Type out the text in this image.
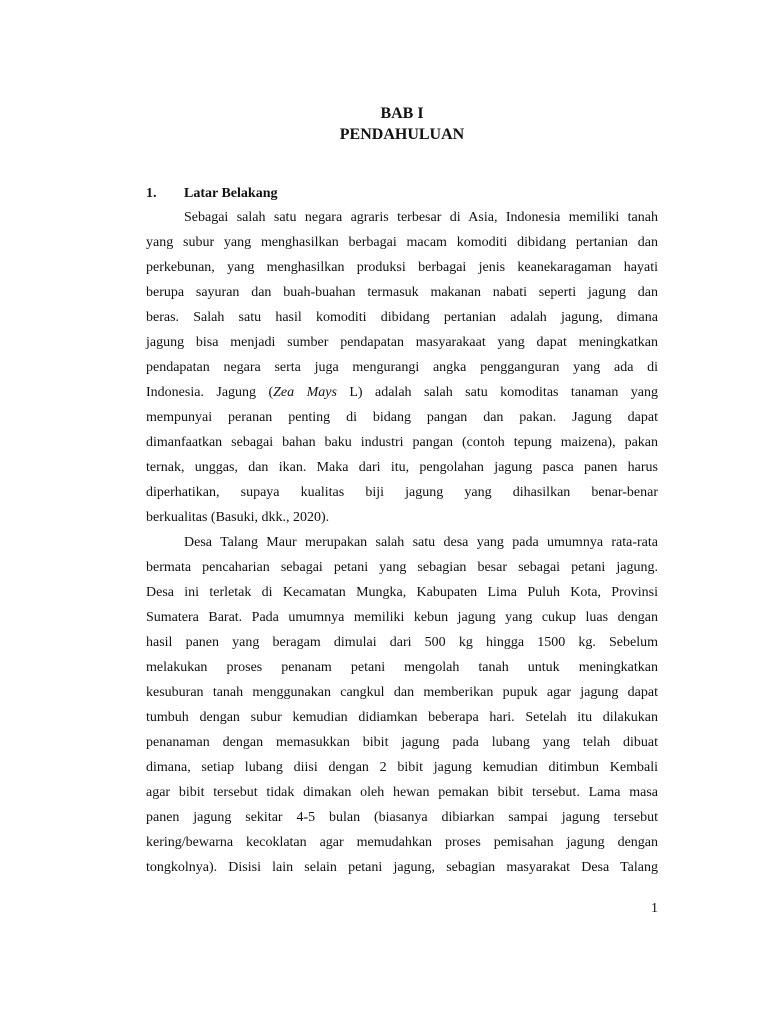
BAB I
PENDAHULUAN
1. Latar Belakang
Sebagai salah satu negara agraris terbesar di Asia, Indonesia memiliki tanah
yang subur yang menghasilkan berbagai macam komoditi dibidang pertanian dan
perkebunan, yang menghasilkan produksi berbagai jenis keanekaragaman hayati
berupa sayuran dan buah-buahan termasuk makanan nabati seperti jagung dan
beras. Salah satu hasil komoditi dibidang pertanian adalah jagung, dimana
jagung bisa menjadi sumber pendapatan masyarakaat yang dapat meningkatkan
pendapatan negara serta juga mengurangi angka pengganguran yang ada di
Indonesia. Jagung (Zea Mays L) adalah salah satu komoditas tanaman yang
mempunyai peranan penting di bidang pangan dan pakan. Jagung dapat
dimanfaatkan sebagai bahan baku industri pangan (contoh tepung maizena), pakan
ternak, unggas, dan ikan. Maka dari itu, pengolahan jagung pasca panen harus
diperhatikan, supaya kualitas biji jagung yang dihasilkan benar-benar
berkualitas (Basuki, dkk., 2020).
Desa Talang Maur merupakan salah satu desa yang pada umumnya rata-rata
bermata pencaharian sebagai petani yang sebagian besar sebagai petani jagung.
Desa ini terletak di Kecamatan Mungka, Kabupaten Lima Puluh Kota, Provinsi
Sumatera Barat. Pada umumnya memiliki kebun jagung yang cukup luas dengan
hasil panen yang beragam dimulai dari 500 kg hingga 1500 kg. Sebelum
melakukan proses penanam petani mengolah tanah untuk meningkatkan
kesuburan tanah menggunakan cangkul dan memberikan pupuk agar jagung dapat
tumbuh dengan subur kemudian didiamkan beberapa hari. Setelah itu dilakukan
penanaman dengan memasukkan bibit jagung pada lubang yang telah dibuat
dimana, setiap lubang diisi dengan 2 bibit jagung kemudian ditimbun Kembali
agar bibit tersebut tidak dimakan oleh hewan pemakan bibit tersebut. Lama masa
panen jagung sekitar 4-5 bulan (biasanya dibiarkan sampai jagung tersebut
kering/bewarna kecoklatan agar memudahkan proses pemisahan jagung dengan
tongkolnya). Disisi lain selain petani jagung, sebagian masyarakat Desa Talang
1
